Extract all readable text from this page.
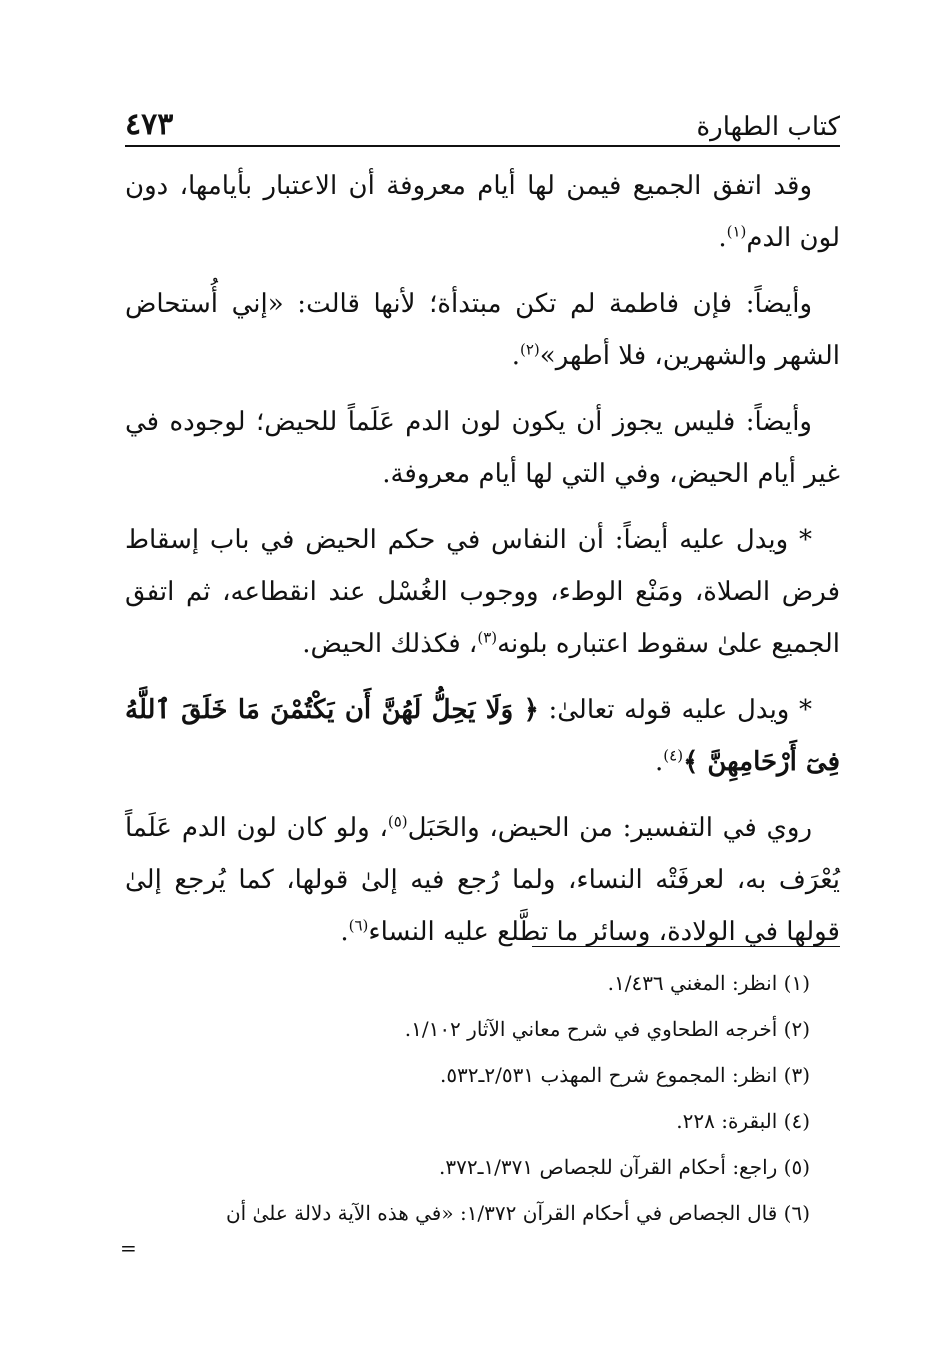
كتاب الطهارة
٤٧٣

وقد اتفق الجميع فيمن لها أيام معروفة أن الاعتبار بأيامها، دون لون الدم$^{(١)}$.

وأيضاً: فإن فاطمة لم تكن مبتدأة؛ لأنها قالت: «إني أُستحاض الشهر والشهرين، فلا أطهر»$^{(٢)}$.

وأيضاً: فليس يجوز أن يكون لون الدم عَلَماً للحيض؛ لوجوده في غير أيام الحيض، وفي التي لها أيام معروفة.

* ويدل عليه أيضاً: أن النفاس في حكم الحيض في باب إسقاط فرض الصلاة، ومَنْع الوطء، ووجوب الغُسْل عند انقطاعه، ثم اتفق الجميع علىٰ سقوط اعتباره بلونه$^{(٣)}$، فكذلك الحيض.

* ويدل عليه قوله تعالىٰ: ﴿ وَلَا يَحِلُّ لَهُنَّ أَن يَكْتُمْنَ مَا خَلَقَ ٱللَّهُ فِىٓ أَرْحَامِهِنَّ ﴾$^{(٤)}$.

روي في التفسير: من الحيض، والحَبَل$^{(٥)}$، ولو كان لون الدم عَلَماً يُعْرَف به، لعرفَتْه النساء، ولما رُجع فيه إلىٰ قولها، كما يُرجع إلىٰ قولها في الولادة، وسائر ما تطَّلع عليه النساء$^{(٦)}$.

(١) انظر: المغني ١/٤٣٦.
(٢) أخرجه الطحاوي في شرح معاني الآثار ١/١٠٢.
(٣) انظر: المجموع شرح المهذب ٢/٥٣١ـ٥٣٢.
(٤) البقرة: ٢٢٨.
(٥) راجع: أحكام القرآن للجصاص ١/٣٧١ـ٣٧٢.
(٦) قال الجصاص في أحكام القرآن ١/٣٧٢: «في هذه الآية دلالة علىٰ أن
=
